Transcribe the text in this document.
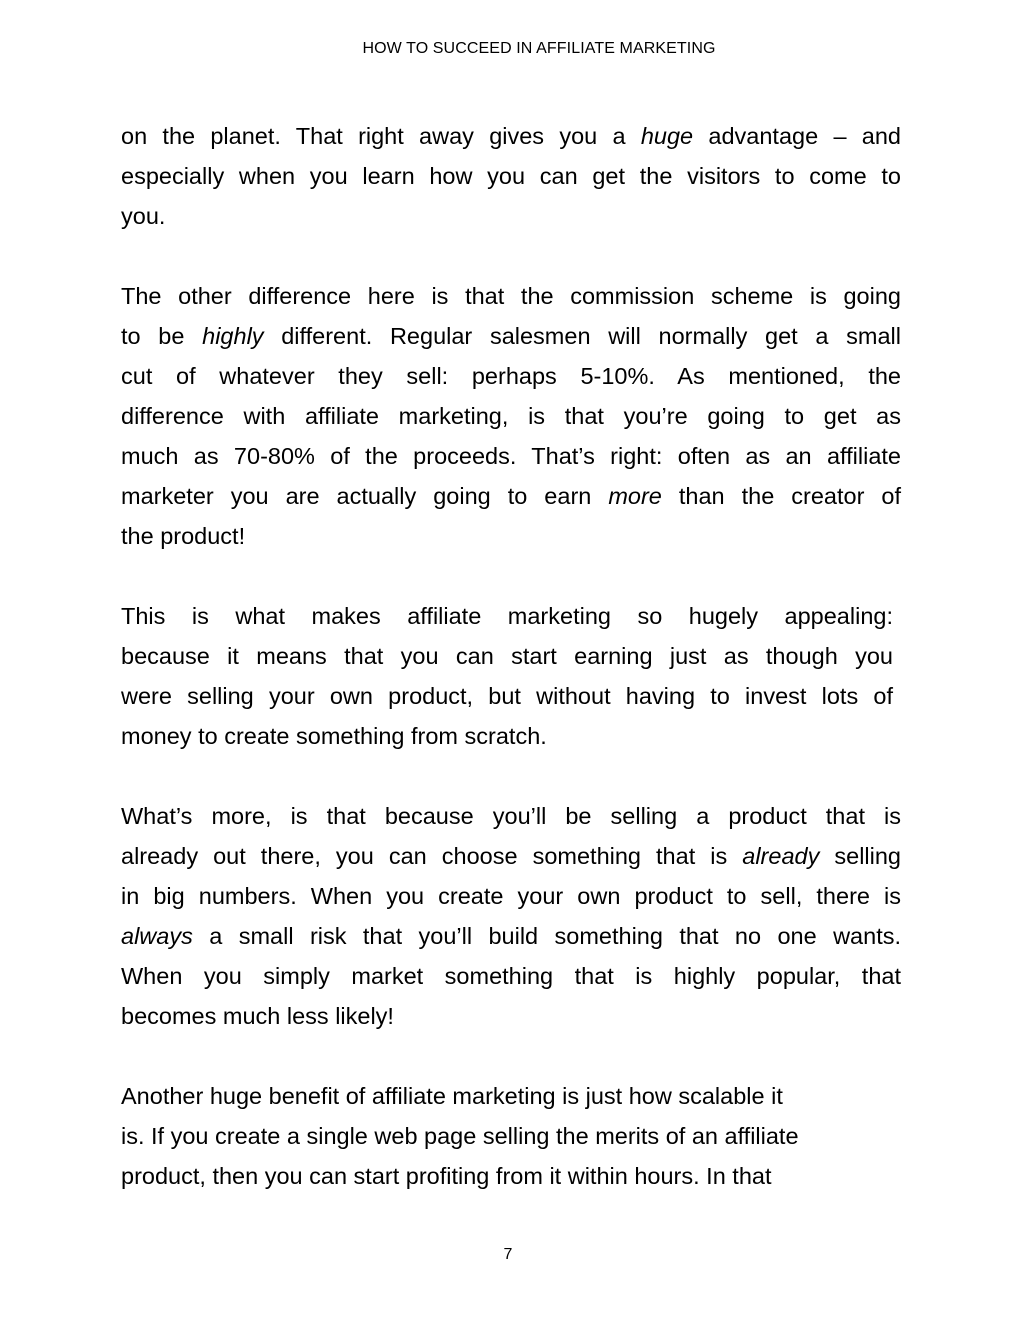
HOW TO SUCCEED IN AFFILIATE MARKETING
on the planet. That right away gives you a huge advantage – and
especially when you learn how you can get the visitors to come to
you.
The other difference here is that the commission scheme is going
to be highly different. Regular salesmen will normally get a small
cut of whatever they sell: perhaps 5-10%. As mentioned, the
difference with affiliate marketing, is that you’re going to get as
much as 70-80% of the proceeds. That’s right: often as an affiliate
marketer you are actually going to earn more than the creator of
the product!
This is what makes affiliate marketing so hugely appealing:
because it means that you can start earning just as though you
were selling your own product, but without having to invest lots of
money to create something from scratch.
What’s more, is that because you’ll be selling a product that is
already out there, you can choose something that is already selling
in big numbers. When you create your own product to sell, there is
always a small risk that you’ll build something that no one wants.
When you simply market something that is highly popular, that
becomes much less likely!
Another huge benefit of affiliate marketing is just how scalable it
is. If you create a single web page selling the merits of an affiliate
product, then you can start profiting from it within hours. In that
7
